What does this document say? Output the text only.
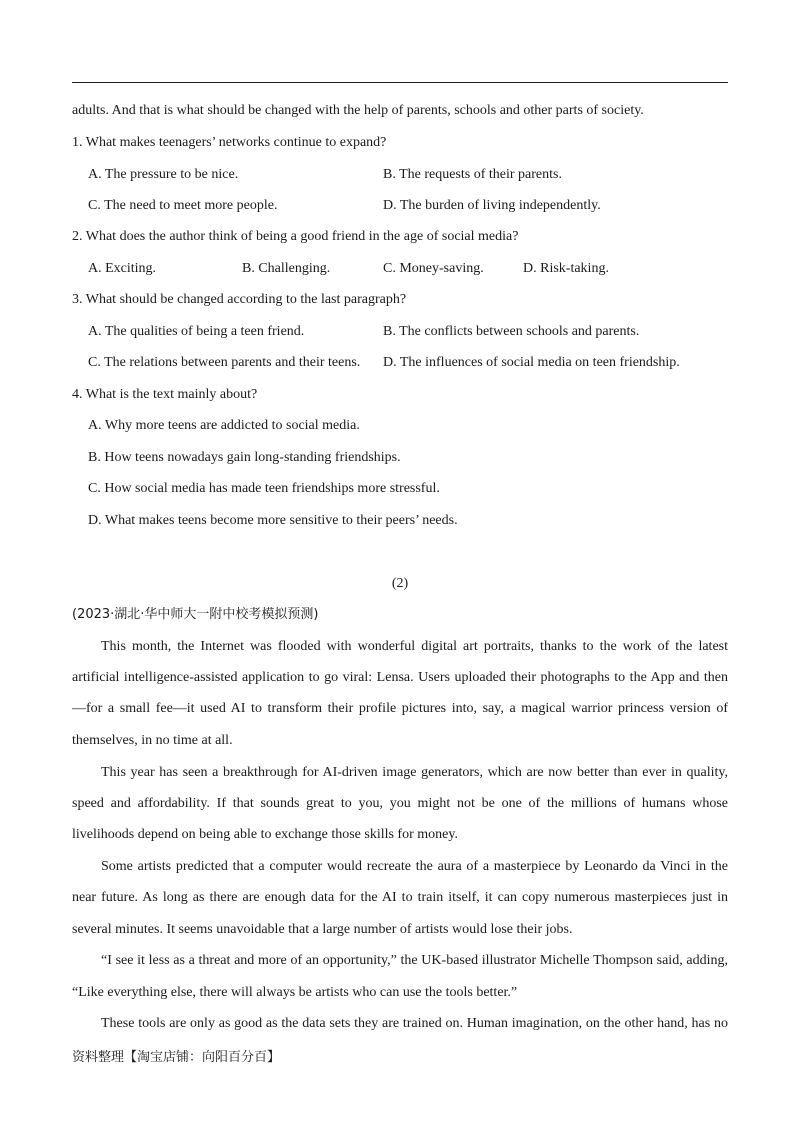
adults. And that is what should be changed with the help of parents, schools and other parts of society.
1. What makes teenagers’ networks continue to expand?
A. The pressure to be nice.	B. The requests of their parents.
C. The need to meet more people.	D. The burden of living independently.
2. What does the author think of being a good friend in the age of social media?
A. Exciting.	B. Challenging.	C. Money-saving.	D. Risk-taking.
3. What should be changed according to the last paragraph?
A. The qualities of being a teen friend.	B. The conflicts between schools and parents.
C. The relations between parents and their teens. D. The influences of social media on teen friendship.
4. What is the text mainly about?
A. Why more teens are addicted to social media.
B. How teens nowadays gain long-standing friendships.
C. How social media has made teen friendships more stressful.
D. What makes teens become more sensitive to their peers’ needs.
(2)
(2023·湖北·华中师大一附中校考模拟预测)
This month, the Internet was flooded with wonderful digital art portraits, thanks to the work of the latest
artificial intelligence-assisted application to go viral: Lensa. Users uploaded their photographs to the App and then
—for a small fee—it used AI to transform their profile pictures into, say, a magical warrior princess version of
themselves, in no time at all.
This year has seen a breakthrough for AI-driven image generators, which are now better than ever in quality,
speed and affordability. If that sounds great to you, you might not be one of the millions of humans whose
livelihoods depend on being able to exchange those skills for money.
Some artists predicted that a computer would recreate the aura of a masterpiece by Leonardo da Vinci in the
near future. As long as there are enough data for the AI to train itself, it can copy numerous masterpieces just in
several minutes. It seems unavoidable that a large number of artists would lose their jobs.
“I see it less as a threat and more of an opportunity,” the UK-based illustrator Michelle Thompson said, adding,
“Like everything else, there will always be artists who can use the tools better.”
These tools are only as good as the data sets they are trained on. Human imagination, on the other hand, has no
资料整理【淘宝店铺：向阳百分百】
